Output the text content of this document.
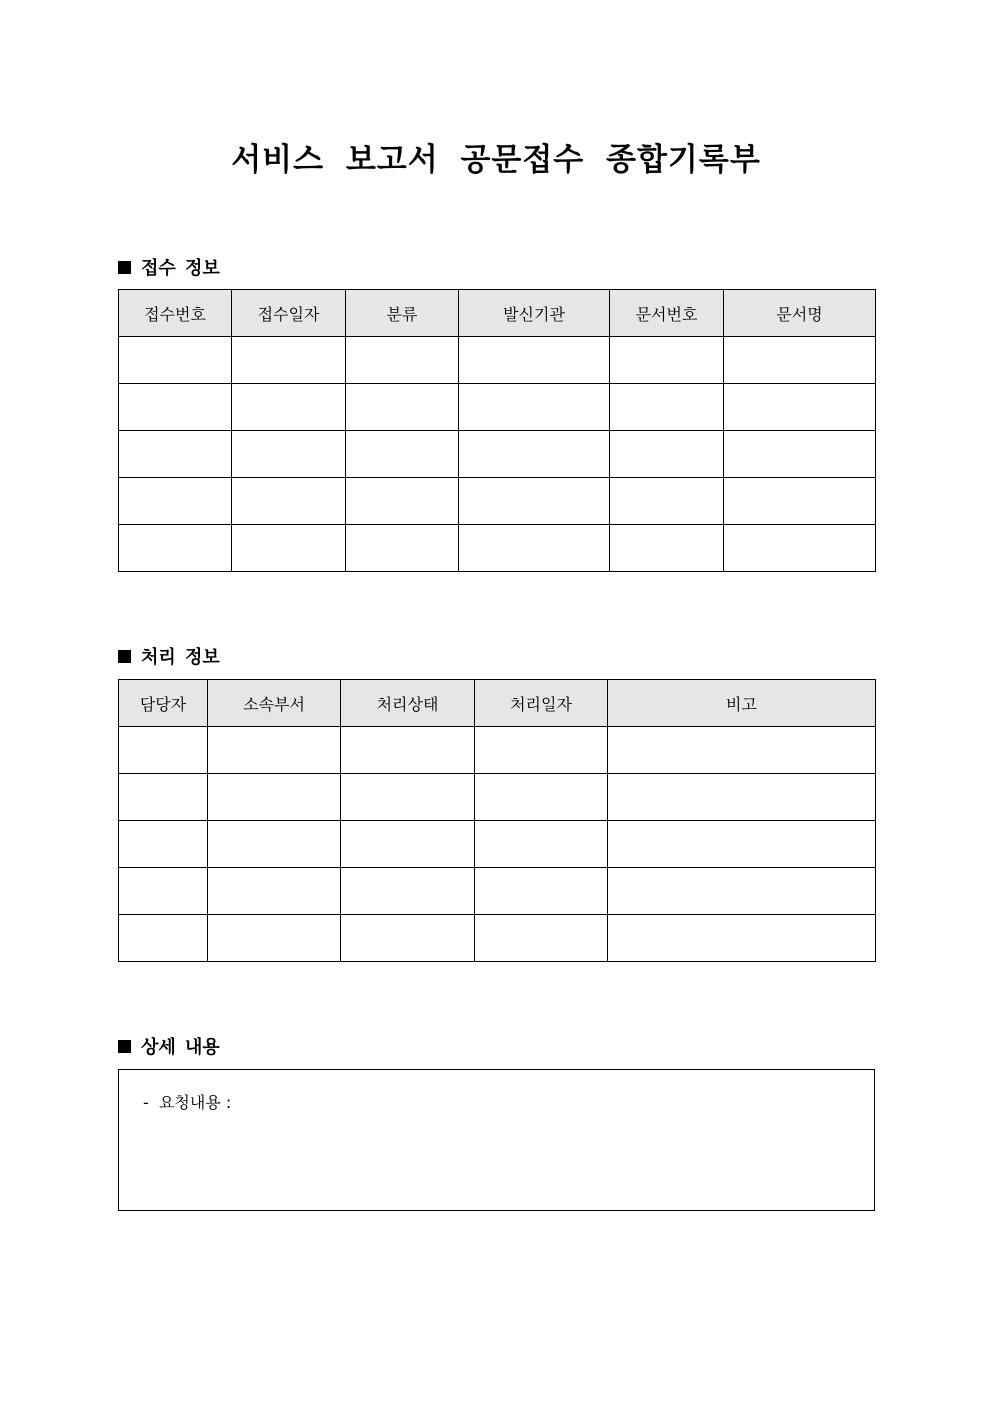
서비스 보고서 공문접수 종합기록부
접수 정보
접수번호	접수일자	분류	발신기관	문서번호	문서명

처리 정보
담당자	소속부서	처리상태	처리일자	비고

상세 내용
-  요청내용 :
